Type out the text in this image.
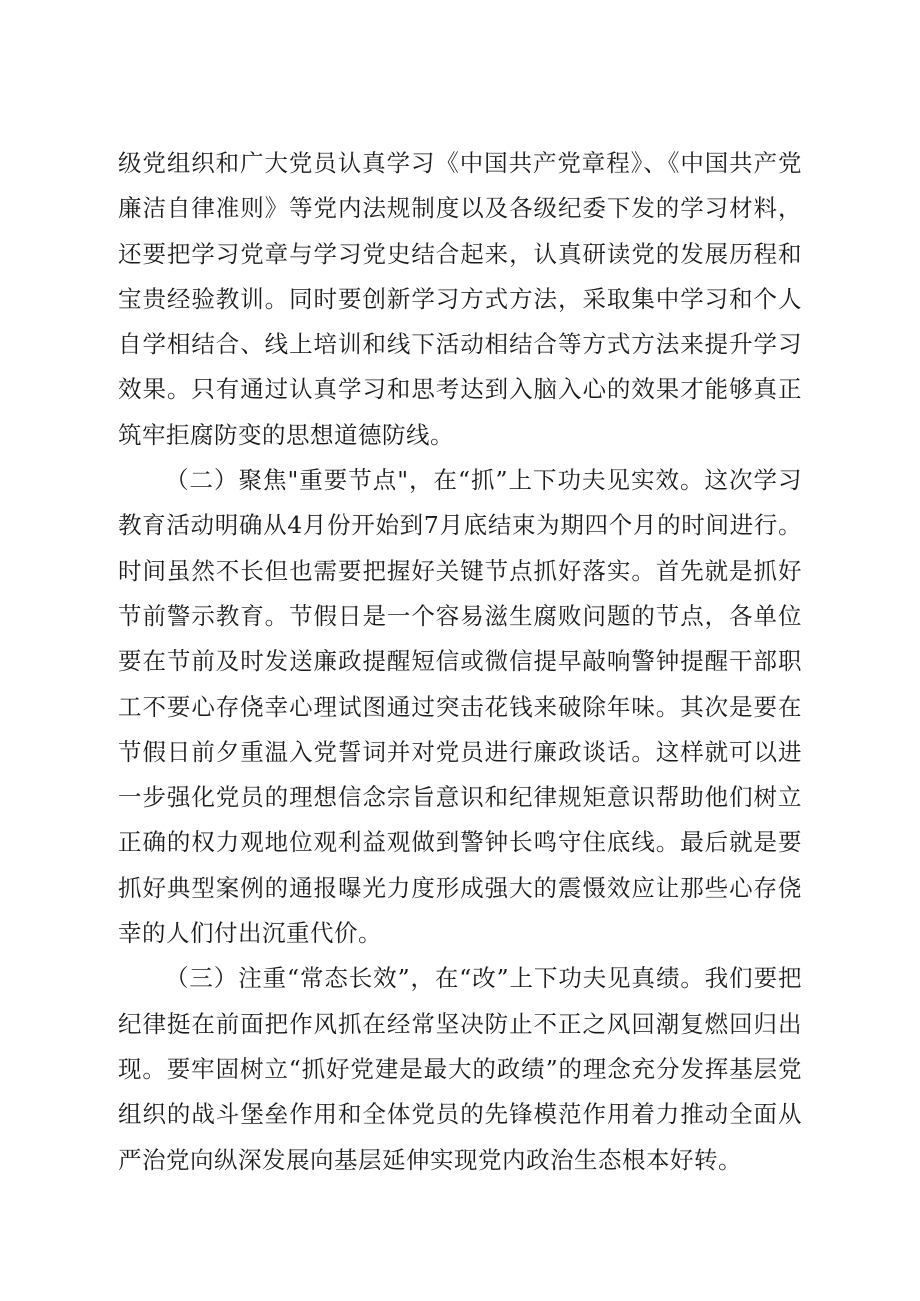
级党组织和广大党员认真学习《中国共产党章程》、《中国共产党廉洁自律准则》等党内法规制度以及各级纪委下发的学习材料，还要把学习党章与学习党史结合起来，认真研读党的发展历程和宝贵经验教训。同时要创新学习方式方法，采取集中学习和个人自学相结合、线上培训和线下活动相结合等方式方法来提升学习效果。只有通过认真学习和思考达到入脑入心的效果才能够真正筑牢拒腐防变的思想道德防线。

（二）聚焦"重要节点"，在“抓”上下功夫见实效。这次学习教育活动明确从4月份开始到7月底结束为期四个月的时间进行。时间虽然不长但也需要把握好关键节点抓好落实。首先就是抓好节前警示教育。节假日是一个容易滋生腐败问题的节点，各单位要在节前及时发送廉政提醒短信或微信提早敲响警钟提醒干部职工不要心存侥幸心理试图通过突击花钱来破除年味。其次是要在节假日前夕重温入党誓词并对党员进行廉政谈话。这样就可以进一步强化党员的理想信念宗旨意识和纪律规矩意识帮助他们树立正确的权力观地位观利益观做到警钟长鸣守住底线。最后就是要抓好典型案例的通报曝光力度形成强大的震慑效应让那些心存侥幸的人们付出沉重代价。

（三）注重“常态长效”，在“改”上下功夫见真绩。我们要把纪律挺在前面把作风抓在经常坚决防止不正之风回潮复燃回归出现。要牢固树立“抓好党建是最大的政绩”的理念充分发挥基层党组织的战斗堡垒作用和全体党员的先锋模范作用着力推动全面从严治党向纵深发展向基层延伸实现党内政治生态根本好转。
